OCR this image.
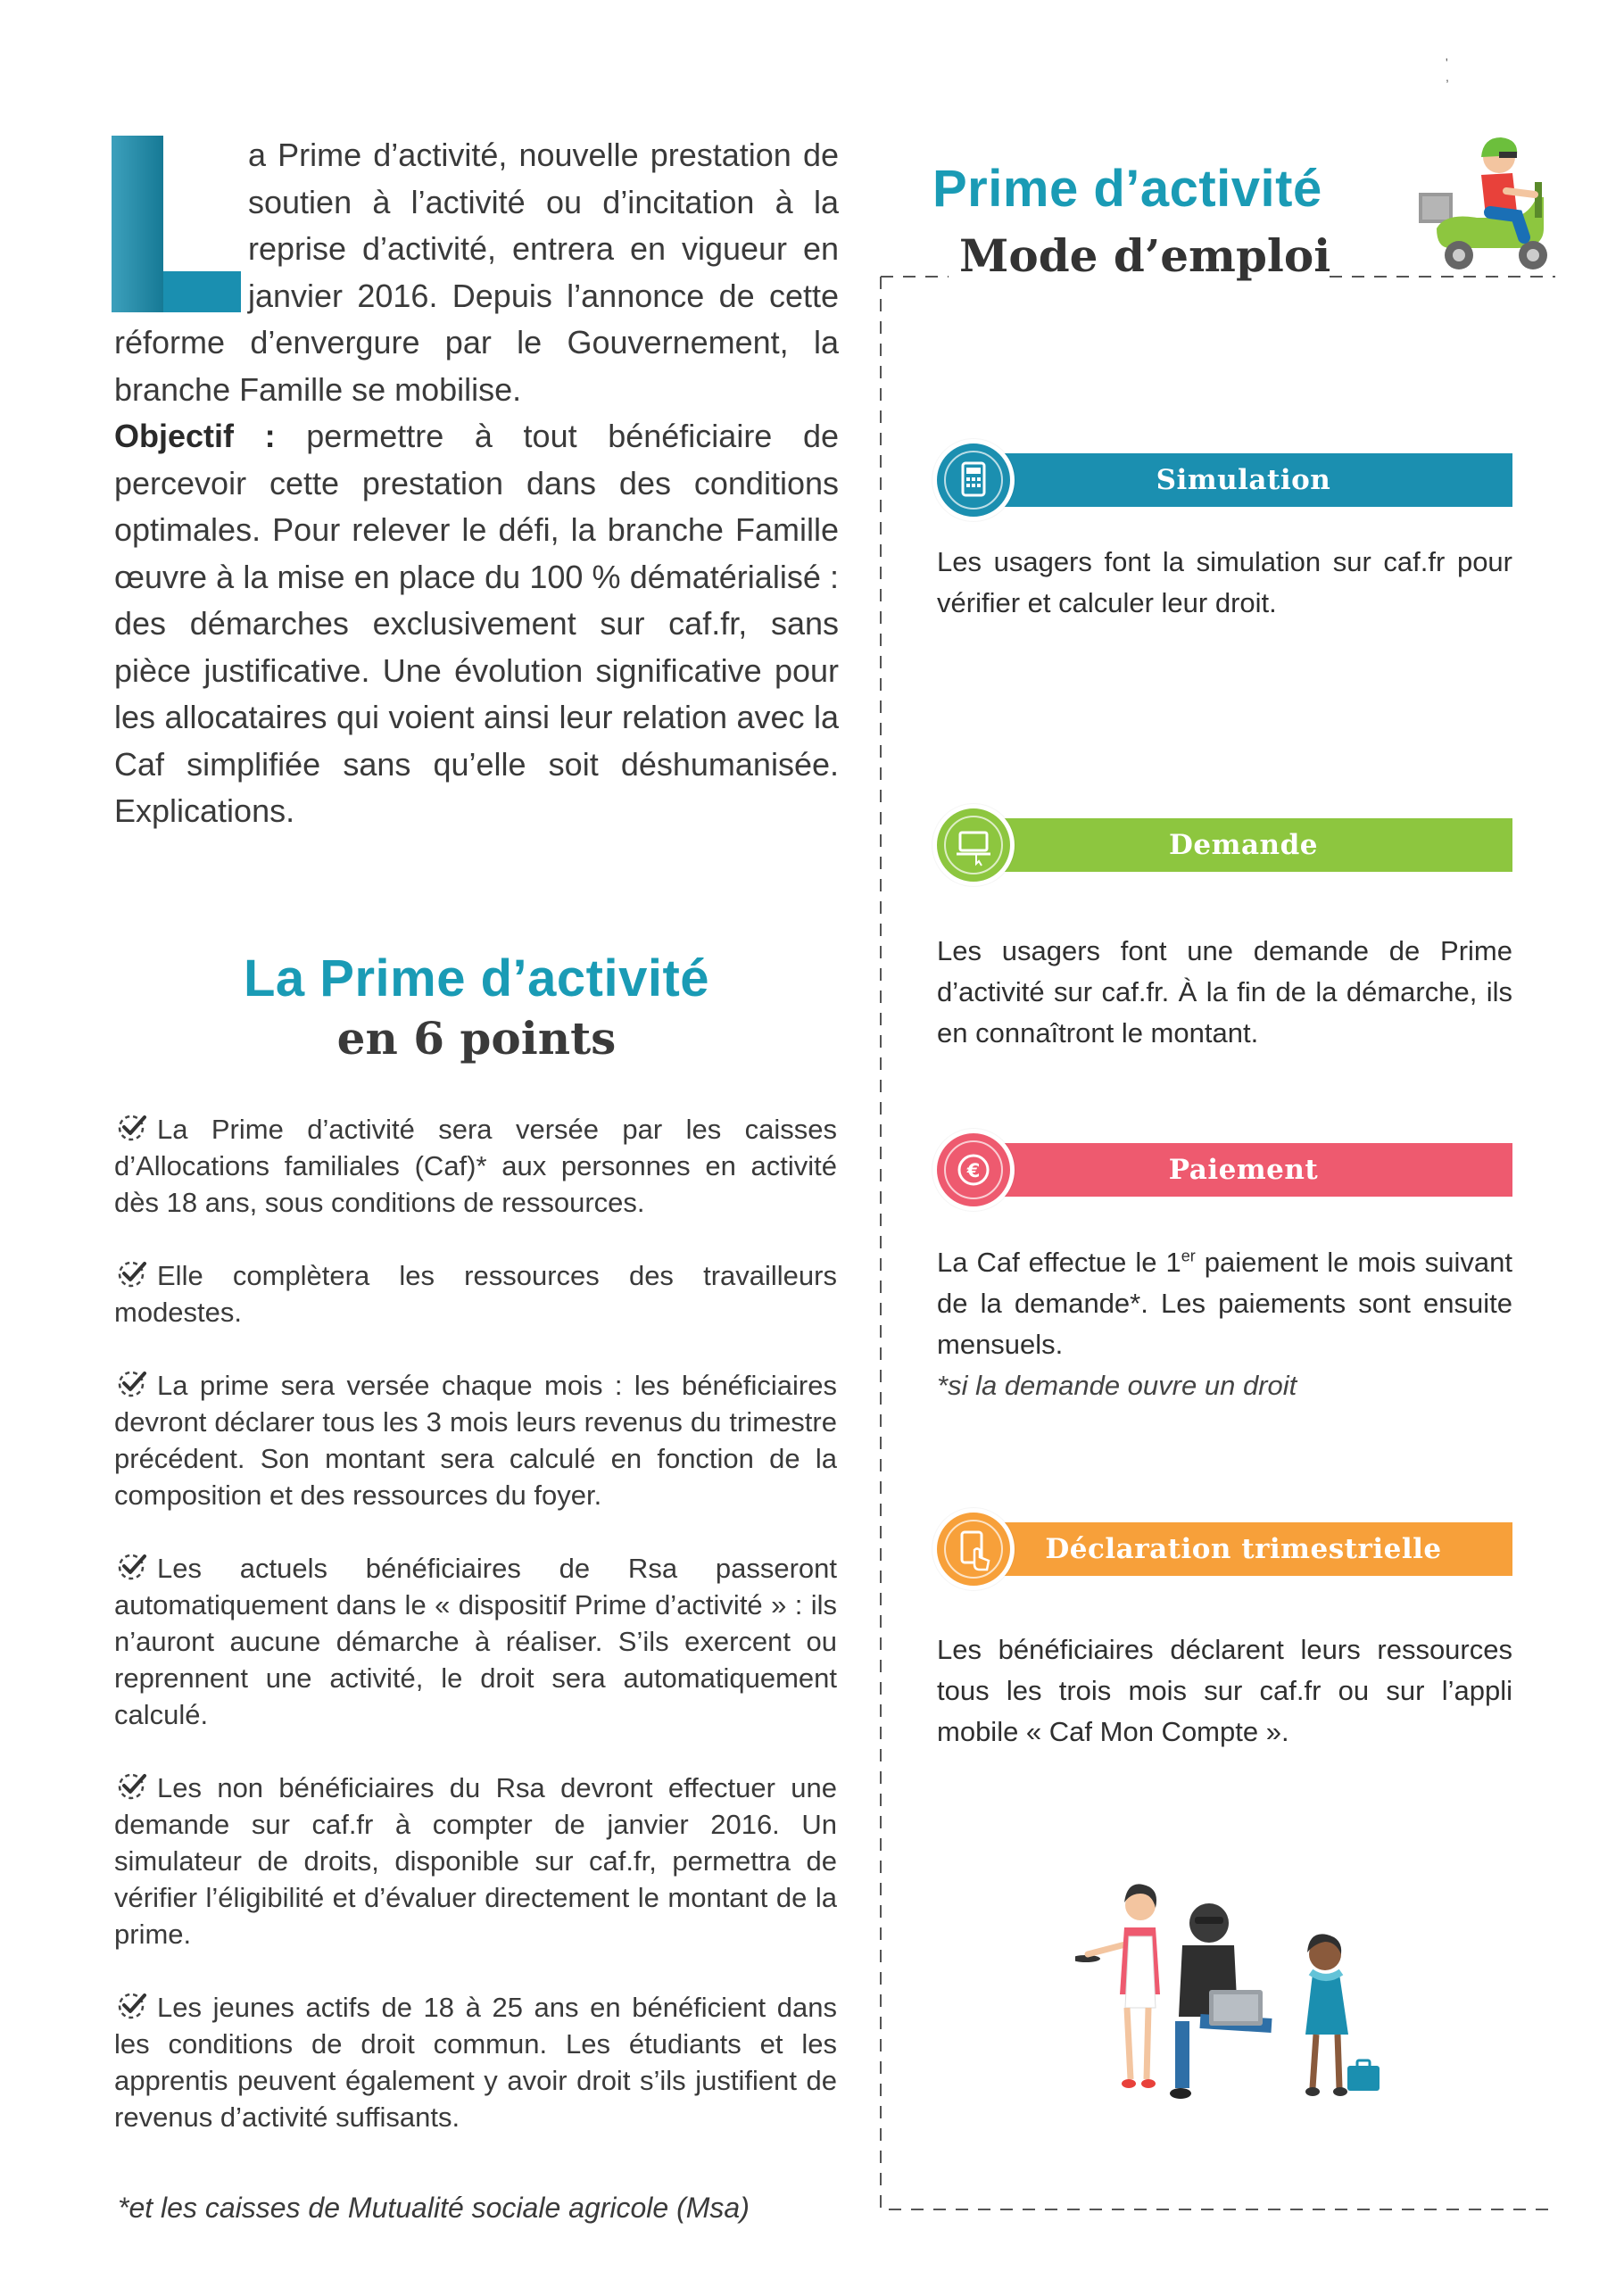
a Prime d’activité, nouvelle prestation de soutien à l’activité ou d’incitation à la reprise d’activité, entrera en vigueur en janvier 2016. Depuis l’annonce de cette réforme d’envergure par le Gouvernement, la branche Famille se mobilise.
Objectif : permettre à tout bénéficiaire de percevoir cette prestation dans des conditions optimales. Pour relever le défi, la branche Famille œuvre à la mise en place du 100 % dématérialisé : des démarches exclusivement sur caf.fr, sans pièce justificative. Une évolution significative pour les allocataires qui voient ainsi leur relation avec la Caf simplifiée sans qu’elle soit déshumanisée. Explications.
La Prime d’activité
en 6 points
La Prime d’activité sera versée par les caisses d’Allocations familiales (Caf)* aux personnes en activité dès 18 ans, sous conditions de ressources.
Elle complètera les ressources des travailleurs modestes.
La prime sera versée chaque mois : les bénéficiaires devront déclarer tous les 3 mois leurs revenus du trimestre précédent. Son montant sera calculé en fonction de la composition et des ressources du foyer.
Les actuels bénéficiaires de Rsa passeront automatiquement dans le « dispositif Prime d’activité » : ils n’auront aucune démarche à réaliser. S’ils exercent ou reprennent une activité, le droit sera automatiquement calculé.
Les non bénéficiaires du Rsa devront effectuer une demande sur caf.fr à compter de janvier 2016. Un simulateur de droits, disponible sur caf.fr, permettra de vérifier l’éligibilité et d’évaluer directement le montant de la prime.
Les jeunes actifs de 18 à 25 ans en bénéficient dans les conditions de droit commun. Les étudiants et les apprentis peuvent également y avoir droit s’ils justifient de revenus d’activité suffisants.
*et les caisses de Mutualité sociale agricole (Msa)
Prime d’activité
Mode d’emploi
Simulation
Les usagers font la simulation sur caf.fr pour vérifier et calculer leur droit.
Demande
Les usagers font une demande de Prime d’activité sur caf.fr. À la fin de la démarche, ils en connaîtront le montant.
Paiement
€
La Caf effectue le 1er paiement le mois suivant de la demande*. Les paiements sont ensuite mensuels.
*si la demande ouvre un droit
Déclaration trimestrielle
Les bénéficiaires déclarent leurs ressources tous les trois mois sur caf.fr ou sur l’appli mobile « Caf Mon Compte ».
' ,
